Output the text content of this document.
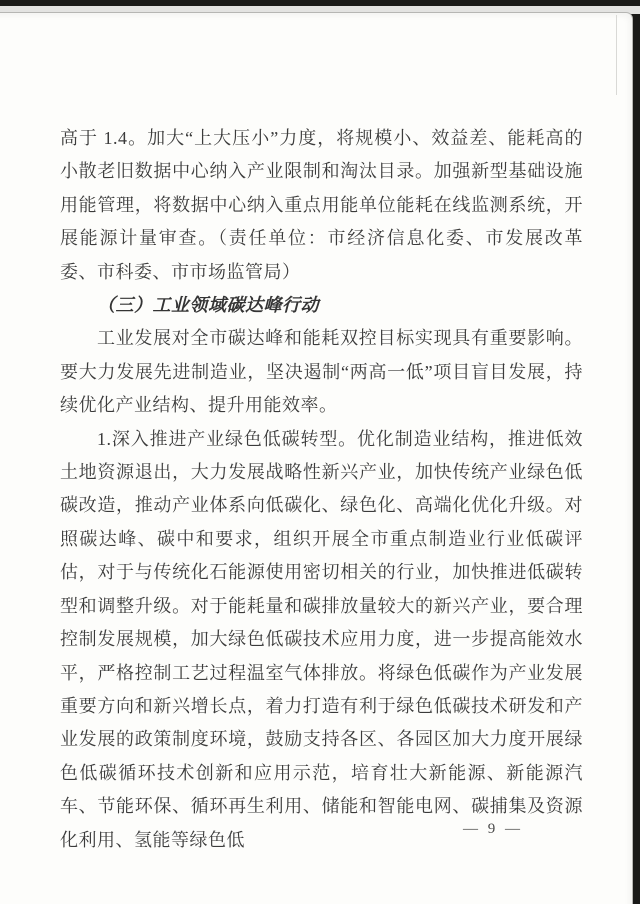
高于 1.4。加大“上大压小”力度，将规模小、效益差、能耗高的小散老旧数据中心纳入产业限制和淘汰目录。加强新型基础设施用能管理，将数据中心纳入重点用能单位能耗在线监测系统，开展能源计量审查。（责任单位：市经济信息化委、市发展改革委、市科委、市市场监管局）

（三）工业领域碳达峰行动

工业发展对全市碳达峰和能耗双控目标实现具有重要影响。要大力发展先进制造业，坚决遏制“两高一低”项目盲目发展，持续优化产业结构、提升用能效率。

1.深入推进产业绿色低碳转型。优化制造业结构，推进低效土地资源退出，大力发展战略性新兴产业，加快传统产业绿色低碳改造，推动产业体系向低碳化、绿色化、高端化优化升级。对照碳达峰、碳中和要求，组织开展全市重点制造业行业低碳评估，对于与传统化石能源使用密切相关的行业，加快推进低碳转型和调整升级。对于能耗量和碳排放量较大的新兴产业，要合理控制发展规模，加大绿色低碳技术应用力度，进一步提高能效水平，严格控制工艺过程温室气体排放。将绿色低碳作为产业发展重要方向和新兴增长点，着力打造有利于绿色低碳技术研发和产业发展的政策制度环境，鼓励支持各区、各园区加大力度开展绿色低碳循环技术创新和应用示范，培育壮大新能源、新能源汽车、节能环保、循环再生利用、储能和智能电网、碳捕集及资源化利用、氢能等绿色低

— 9 —
